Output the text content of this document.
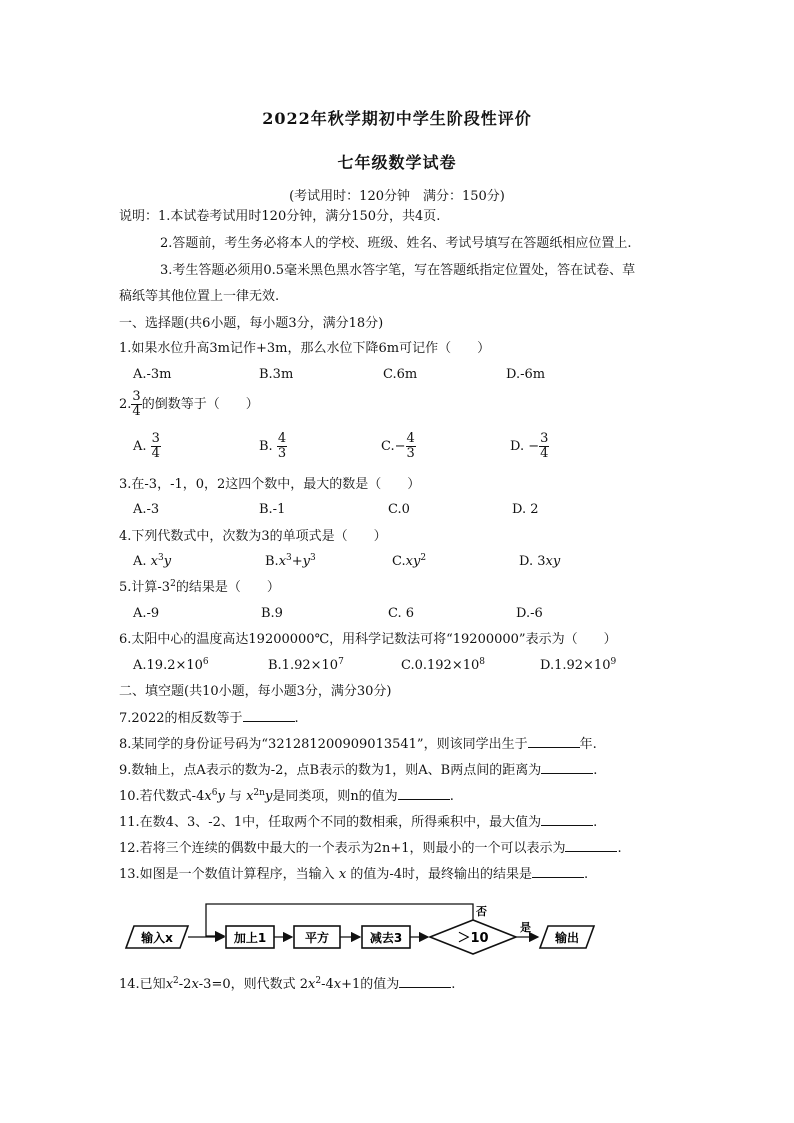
2022年秋学期初中学生阶段性评价
七年级数学试卷
(考试用时：120分钟　满分：150分)
说明：1.本试卷考试用时120分钟，满分150分，共4页.
2.答题前，考生务必将本人的学校、班级、姓名、考试号填写在答题纸相应位置上.
3.考生答题必须用0.5毫米黑色黑水答字笔，写在答题纸指定位置处，答在试卷、草
稿纸等其他位置上一律无效.
一、选择题(共6小题，每小题3分，满分18分)
1.如果水位升高3m记作+3m，那么水位下降6m可记作（　　）
A.-3m	B.3m	C.6m	D.-6m
2. $\frac{3}{4}$ 的倒数等于（　　）
A. $\frac{3}{4}$	B. $\frac{4}{3}$	$C.- \frac{4}{3}$	D. − $\frac{3}{4}$
3.在-3，-1，0，2这四个数中，最大的数是（　　）
A.-3	B.-1	C.0	D. 2
4.下列代数式中，次数为3的单项式是（　　）
A. $x^3y$	$B.x^3+y^3$	$C.xy^2$	D. 3xy
5.计算$-3^2$的结果是（　　）
A.-9	B.9	C. 6	D.-6
6.太阳中心的温度高达19200000℃，用科学记数法可将“19200000”表示为（　　）
$A.19.2\times 10^6$	$B.1.92\times 10^7$	$C.0.192\times 10^8$	$D.1.92\times 10^9$
二、填空题(共10小题，每小题3分，满分30分)
7.2022的相反数等于	.
8.某同学的身份证号码为“321281200909013541”，则该同学出生于	年.
9.数轴上，点A表示的数为-2，点B表示的数为1，则A、B两点间的距离为	.
10.若代数式$-4x^6y$ 与 $x^{2n}y$是同类项，则n的值为	.
11.在数4、3、-2、1中，任取两个不同的数相乘，所得乘积中，最大值为	.
12.若将三个连续的偶数中最大的一个表示为2n+1，则最小的一个可以表示为	.
13.如图是一个数值计算程序，当输入 x 的值为-4时，最终输出的结果是	.
输入x	加上1	平方	减去3	＞10
否
是
输出
14.已知$x^2-2x-3=0$，则代数式 $2x^2-4x+1$的值为	.
